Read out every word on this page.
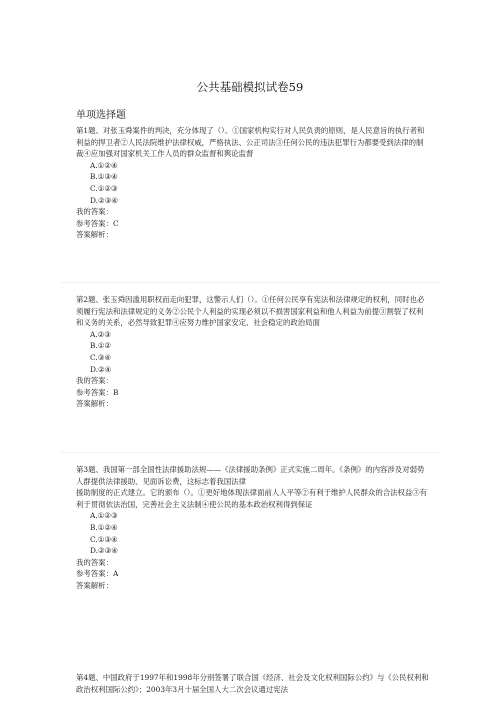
公共基础模拟试卷59
单项选择题

第1题、对张玉舜案件的判决，充分体现了（）。①国家机构实行对人民负责的原则，是人民意旨的执行者和利益的捍卫者②人民法院维护法律权威，严格执法、公正司法③任何公民的违法犯罪行为都要受到法律的制裁④应加强对国家机关工作人员的群众监督和舆论监督

A.①②④

B.①③④

C.①②③

D.②③④

我的答案：

参考答案：C

答案解析：

第2题、张玉舜因滥用职权而走向犯罪，这警示人们（）。①任何公民享有宪法和法律规定的权利，同时也必须履行宪法和法律规定的义务②公民个人利益的实现必须以不损害国家利益和他人利益为前提③割裂了权利和义务的关系，必然导致犯罪④应努力维护国家安定、社会稳定的政治局面

A.②③

B.①②

C.③④

D.②④

我的答案：

参考答案：B

答案解析：

第3题、我国第一部全国性法律援助法规——《法律援助条例》正式实施二周年。《条例》的内容涉及对弱势人群提供法律援助、见面诉讼费，这标志着我国法律

援助制度的正式建立。它的颁布（）。①更好地体现法律面前人人平等②有利于维护人民群众的合法权益③有利于贯彻依法治国，完善社会主义法制④使公民的基本政治权利得到保证

A.①②③

B.①②④

C.①③④

D.②③④

我的答案：

参考答案：A

答案解析：

第4题、中国政府于1997年和1998年分别签署了联合国《经济、社会及文化权利国际公约》与《公民权利和政治权利国际公约》；2003年3月十届全国人大二次会议通过宪法
